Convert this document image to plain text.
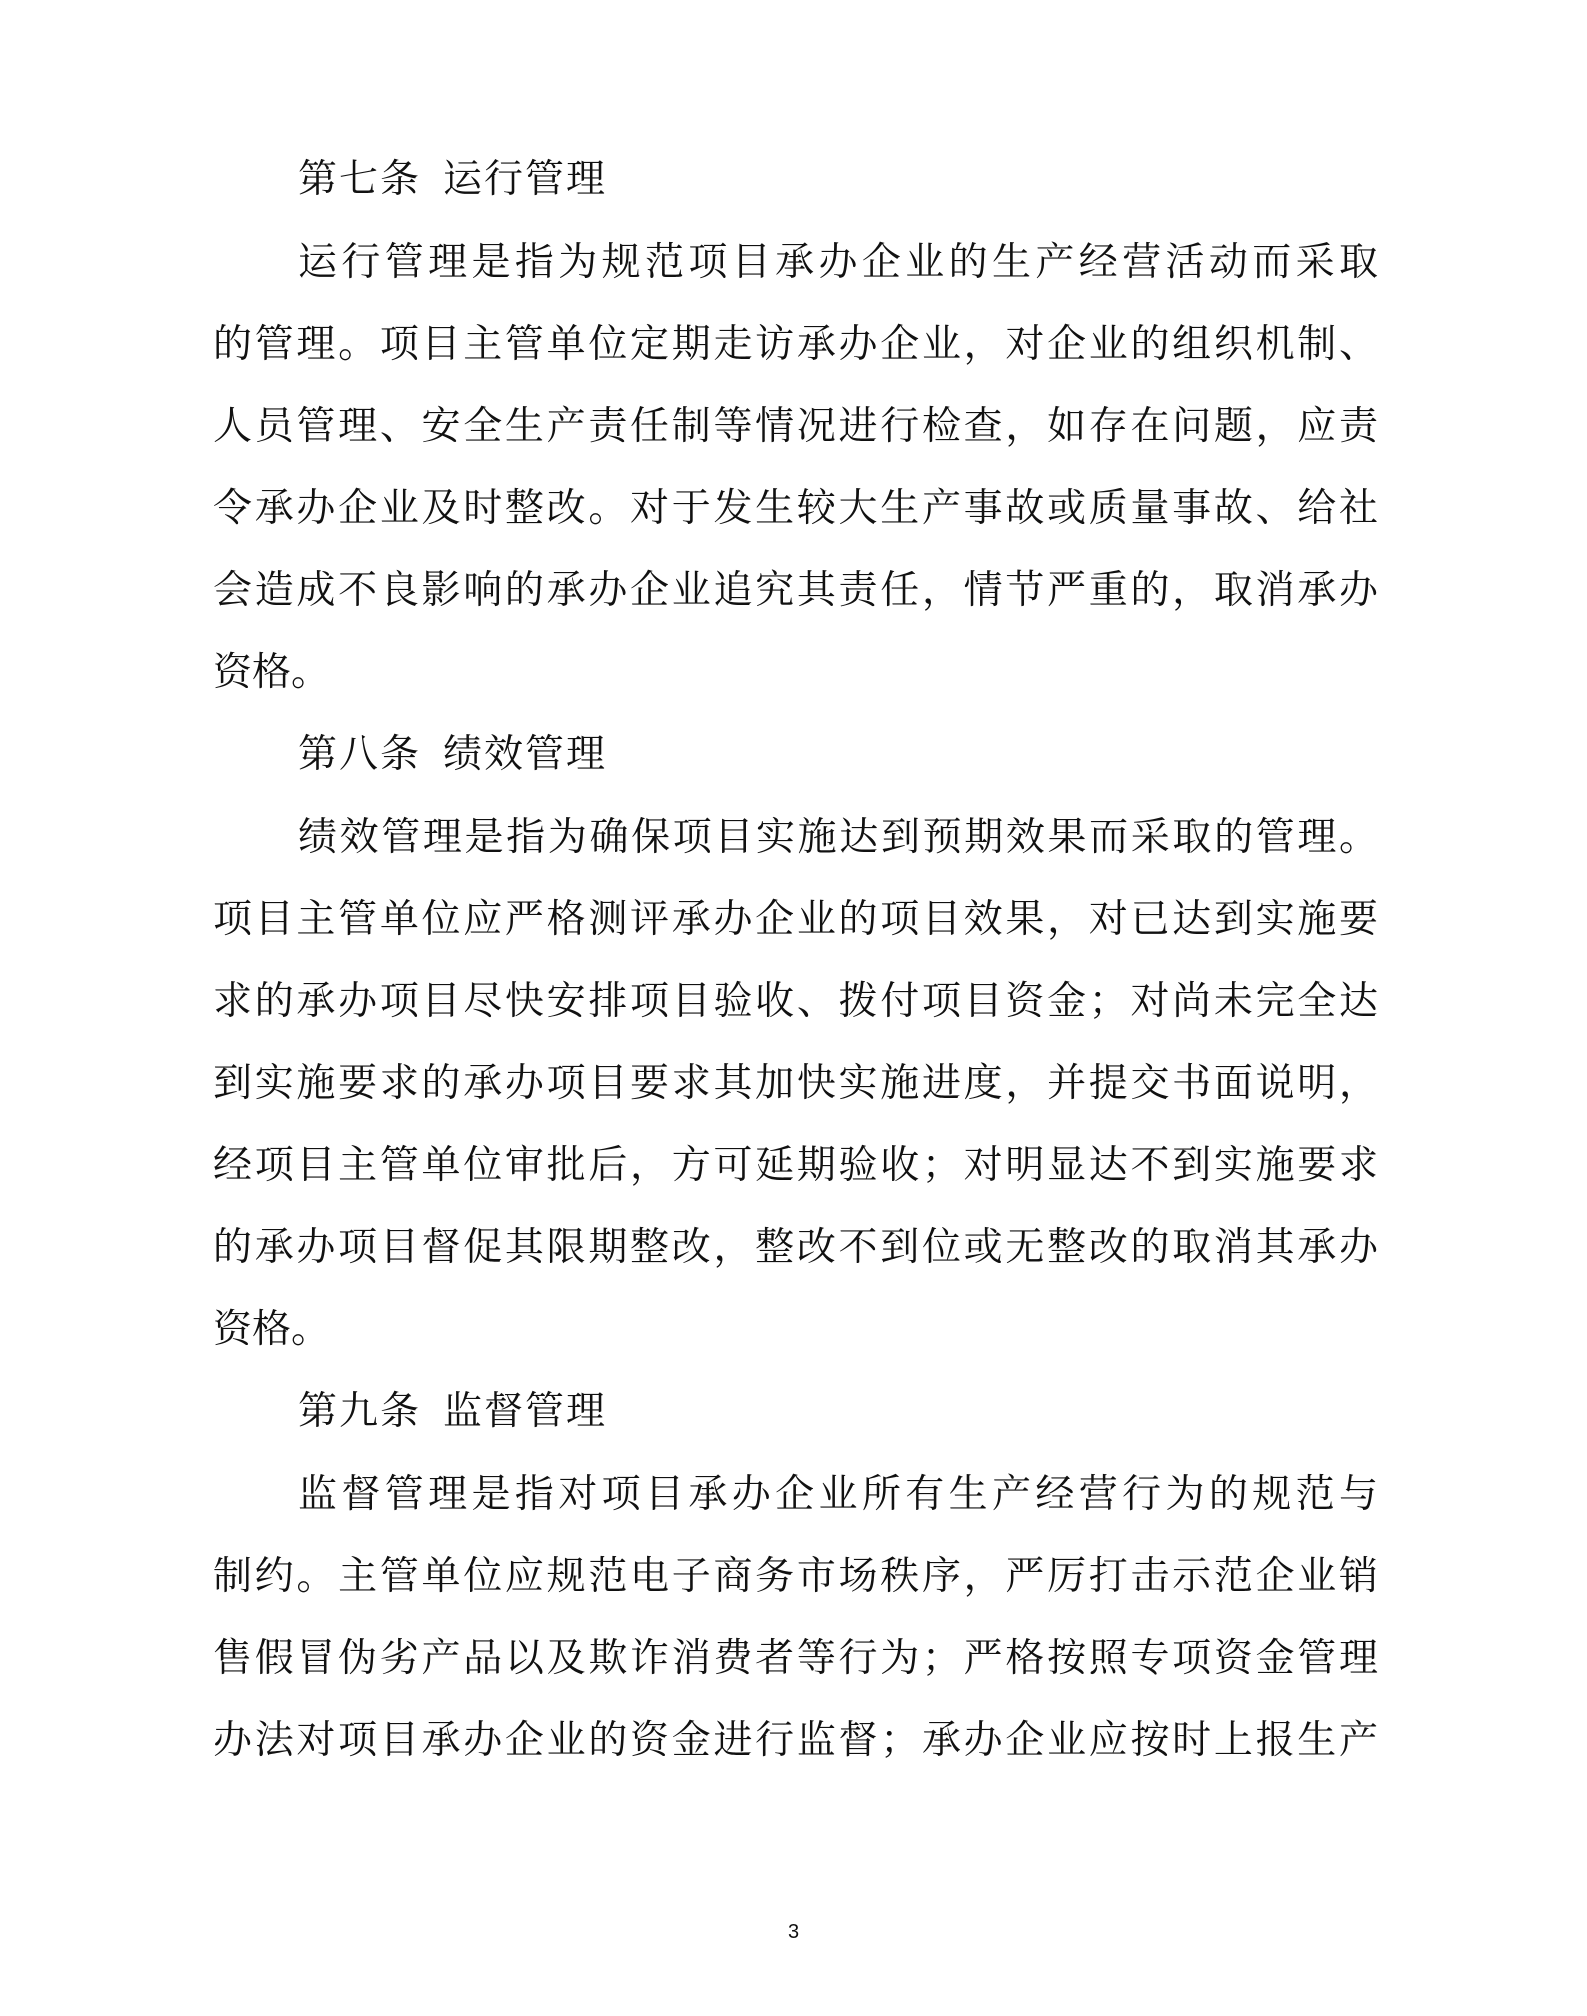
第七条 运行管理
运行管理是指为规范项目承办企业的生产经营活动而采取
的管理。项目主管单位定期走访承办企业，对企业的组织机制、
人员管理、安全生产责任制等情况进行检查，如存在问题，应责
令承办企业及时整改。对于发生较大生产事故或质量事故、给社
会造成不良影响的承办企业追究其责任，情节严重的，取消承办
资格。
第八条 绩效管理
绩效管理是指为确保项目实施达到预期效果而采取的管理。
项目主管单位应严格测评承办企业的项目效果，对已达到实施要
求的承办项目尽快安排项目验收、拨付项目资金；对尚未完全达
到实施要求的承办项目要求其加快实施进度，并提交书面说明，
经项目主管单位审批后，方可延期验收；对明显达不到实施要求
的承办项目督促其限期整改，整改不到位或无整改的取消其承办
资格。
第九条 监督管理
监督管理是指对项目承办企业所有生产经营行为的规范与
制约。主管单位应规范电子商务市场秩序，严厉打击示范企业销
售假冒伪劣产品以及欺诈消费者等行为；严格按照专项资金管理
办法对项目承办企业的资金进行监督；承办企业应按时上报生产
3
